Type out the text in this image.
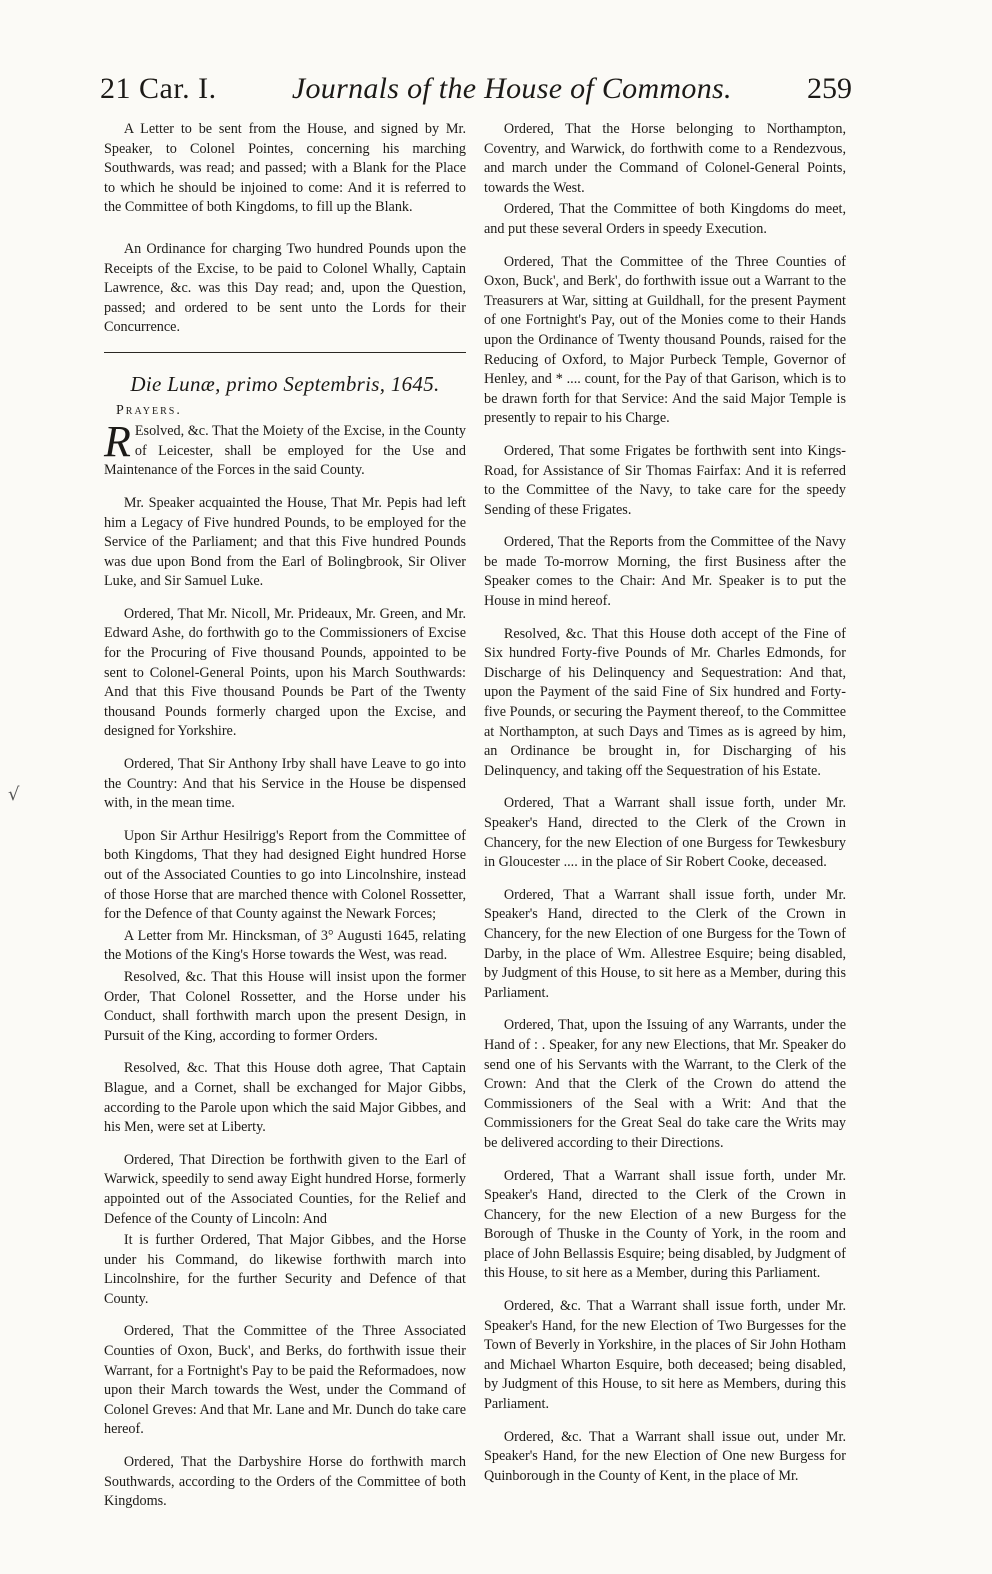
21 Car. I.	Journals of the House of Commons.	259
√

A Letter to be sent from the House, and signed by Mr. Speaker, to Colonel Pointes, concerning his marching Southwards, was read; and passed; with a Blank for the Place to which he should be injoined to come: And it is referred to the Committee of both Kingdoms, to fill up the Blank.

An Ordinance for charging Two hundred Pounds upon the Receipts of the Excise, to be paid to Colonel Whally, Captain Lawrence, &c. was this Day read; and, upon the Question, passed; and ordered to be sent unto the Lords for their Concurrence.

Die Lunæ, primo Septembris, 1645.
Prayers.

R Esolved, &c. That the Moiety of the Excise, in the County of Leicester, shall be employed for the Use and Maintenance of the Forces in the said County.

Mr. Speaker acquainted the House, That Mr. Pepis had left him a Legacy of Five hundred Pounds, to be employed for the Service of the Parliament; and that this Five hundred Pounds was due upon Bond from the Earl of Bolingbrook, Sir Oliver Luke, and Sir Samuel Luke.

Ordered, That Mr. Nicoll, Mr. Prideaux, Mr. Green, and Mr. Edward Ashe, do forthwith go to the Commissioners of Excise for the Procuring of Five thousand Pounds, appointed to be sent to Colonel-General Points, upon his March Southwards: And that this Five thousand Pounds be Part of the Twenty thousand Pounds formerly charged upon the Excise, and designed for Yorkshire.

Ordered, That Sir Anthony Irby shall have Leave to go into the Country: And that his Service in the House be dispensed with, in the mean time.

Upon Sir Arthur Hesilrigg's Report from the Committee of both Kingdoms, That they had designed Eight hundred Horse out of the Associated Counties to go into Lincolnshire, instead of those Horse that are marched thence with Colonel Rossetter, for the Defence of that County against the Newark Forces;

A Letter from Mr. Hincksman, of 3° Augusti 1645, relating the Motions of the King's Horse towards the West, was read.

Resolved, &c. That this House will insist upon the former Order, That Colonel Rossetter, and the Horse under his Conduct, shall forthwith march upon the present Design, in Pursuit of the King, according to former Orders.

Resolved, &c. That this House doth agree, That Captain Blague, and a Cornet, shall be exchanged for Major Gibbs, according to the Parole upon which the said Major Gibbes, and his Men, were set at Liberty.

Ordered, That Direction be forthwith given to the Earl of Warwick, speedily to send away Eight hundred Horse, formerly appointed out of the Associated Counties, for the Relief and Defence of the County of Lincoln: And

It is further Ordered, That Major Gibbes, and the Horse under his Command, do likewise forthwith march into Lincolnshire, for the further Security and Defence of that County.

Ordered, That the Committee of the Three Associated Counties of Oxon, Buck', and Berks, do forthwith issue their Warrant, for a Fortnight's Pay to be paid the Reformadoes, now upon their March towards the West, under the Command of Colonel Greves: And that Mr. Lane and Mr. Dunch do take care hereof.

Ordered, That the Darbyshire Horse do forthwith march Southwards, according to the Orders of the Committee of both Kingdoms.

Ordered, That the Horse belonging to Northampton, Coventry, and Warwick, do forthwith come to a Rendezvous, and march under the Command of Colonel-General Points, towards the West.

Ordered, That the Committee of both Kingdoms do meet, and put these several Orders in speedy Execution.

Ordered, That the Committee of the Three Counties of Oxon, Buck', and Berk', do forthwith issue out a Warrant to the Treasurers at War, sitting at Guildhall, for the present Payment of one Fortnight's Pay, out of the Monies come to their Hands upon the Ordinance of Twenty thousand Pounds, raised for the Reducing of Oxford, to Major Purbeck Temple, Governor of Henley, and * .... count, for the Pay of that Garison, which is to be drawn forth for that Service: And the said Major Temple is presently to repair to his Charge.

Ordered, That some Frigates be forthwith sent into Kings-Road, for Assistance of Sir Thomas Fairfax: And it is referred to the Committee of the Navy, to take care for the speedy Sending of these Frigates.

Ordered, That the Reports from the Committee of the Navy be made To-morrow Morning, the first Business after the Speaker comes to the Chair: And Mr. Speaker is to put the House in mind hereof.

Resolved, &c. That this House doth accept of the Fine of Six hundred Forty-five Pounds of Mr. Charles Edmonds, for Discharge of his Delinquency and Sequestration: And that, upon the Payment of the said Fine of Six hundred and Forty-five Pounds, or securing the Payment thereof, to the Committee at Northampton, at such Days and Times as is agreed by him, an Ordinance be brought in, for Discharging of his Delinquency, and taking off the Sequestration of his Estate.

Ordered, That a Warrant shall issue forth, under Mr. Speaker's Hand, directed to the Clerk of the Crown in Chancery, for the new Election of one Burgess for Tewkesbury in Gloucester .... in the place of Sir Robert Cooke, deceased.

Ordered, That a Warrant shall issue forth, under Mr. Speaker's Hand, directed to the Clerk of the Crown in Chancery, for the new Election of one Burgess for the Town of Darby, in the place of Wm. Allestree Esquire; being disabled, by Judgment of this House, to sit here as a Member, during this Parliament.

Ordered, That, upon the Issuing of any Warrants, under the Hand of : . Speaker, for any new Elections, that Mr. Speaker do send one of his Servants with the Warrant, to the Clerk of the Crown: And that the Clerk of the Crown do attend the Commissioners of the Seal with a Writ: And that the Commissioners for the Great Seal do take care the Writs may be delivered according to their Directions.

Ordered, That a Warrant shall issue forth, under Mr. Speaker's Hand, directed to the Clerk of the Crown in Chancery, for the new Election of a new Burgess for the Borough of Thuske in the County of York, in the room and place of John Bellassis Esquire; being disabled, by Judgment of this House, to sit here as a Member, during this Parliament.

Ordered, &c. That a Warrant shall issue forth, under Mr. Speaker's Hand, for the new Election of Two Burgesses for the Town of Beverly in Yorkshire, in the places of Sir John Hotham and Michael Wharton Esquire, both deceased; being disabled, by Judgment of this House, to sit here as Members, during this Parliament.

Ordered, &c. That a Warrant shall issue out, under Mr. Speaker's Hand, for the new Election of One new Burgess for Quinborough in the County of Kent, in the place of Mr.
